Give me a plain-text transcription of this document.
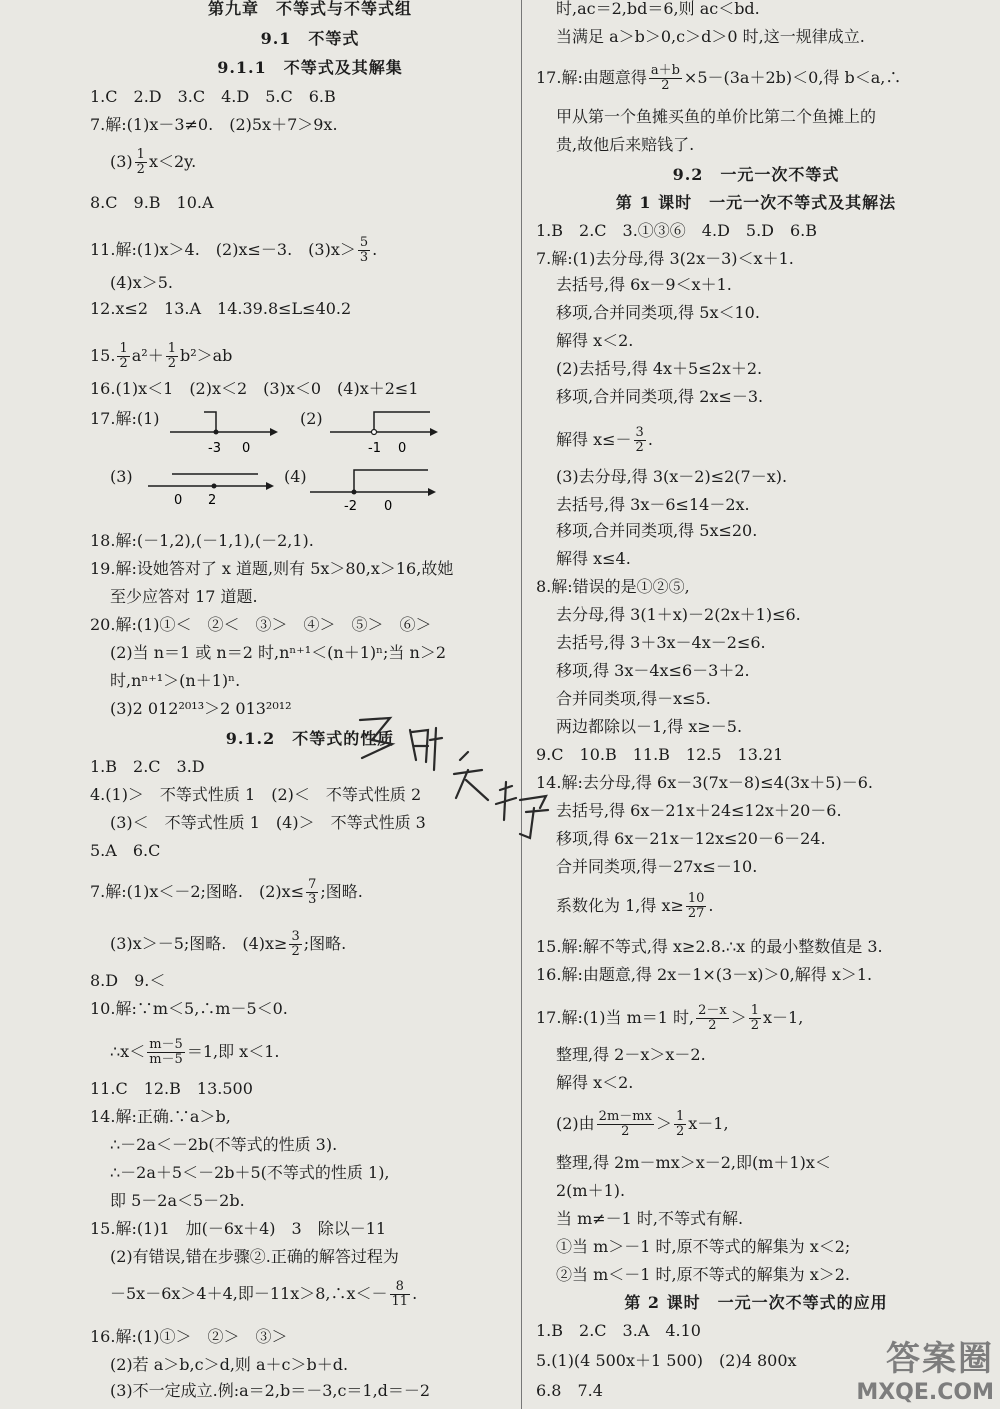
第九章　不等式与不等式组
9.1　不等式
9.1.1　不等式及其解集
1.C　2.D　3.C　4.D　5.C　6.B
7.解:(1)x－3≠0.　(2)5x＋7＞9x.
$(3) \frac{1}{2} x<2y$.
8.C　9.B　10.A
11.解:(1)x＞4.　(2)x≤－3.　$(3)x> \frac{5}{3}$ .
(4)x＞5.
12.x≤2　13.A　14.39.8≤L≤40.2
15. $\frac{1}{2} a^2+ \frac{1}{2} b^2>ab$
16.(1)x＜1　(2)x＜2　(3)x＜0　(4)x＋2≤1
17.解:(1)	(2)
-3 0	-1 0
(3)	(4)
0 2	-2 0
18.解:(－1,2),(－1,1),(－2,1).
19.解:设她答对了 x 道题,则有 5x＞80,x＞16,故她
至少应答对 17 道题.
20.解:(1)①＜　②＜　③＞　④＞　⑤＞　⑥＞
(2)当 n＝1 或 n＝2 时,nⁿ⁺¹＜(n＋1)ⁿ;当 n＞2
时,nⁿ⁺¹＞(n＋1)ⁿ.
(3)2 012²⁰¹³＞2 013²⁰¹²
9.1.2　不等式的性质
1.B　2.C　3.D
4.(1)＞　不等式性质 1　(2)＜　不等式性质 2
(3)＜　不等式性质 1　(4)＞　不等式性质 3
5.A　6.C
7.解:(1)x＜－2;图略.　$(2)x\le \frac{7}{3}$ ;图略.
(3)x＞－5;图略.　$(4)x\ge \frac{3}{2}$ ;图略.
8.D　9.＜
10.解:∵m＜5,∴m－5＜0.
∴x＜ $\frac{m-5}{m-5} =1$,即 x＜1.
11.C　12.B　13.500
14.解:正确.∵a＞b,
∴－2a＜－2b(不等式的性质 3).
∴－2a＋5＜－2b＋5(不等式的性质 1),
即 5－2a＜5－2b.
15.解:(1)1　加(－6x＋4)　3　除以－11
(2)有错误,错在步骤②.正确的解答过程为
－5x－6x＞4＋4,即－11x＞8,∴x＜－ $\frac{8}{11}$ .
16.解:(1)①＞　②＞　③＞
(2)若 a＞b,c＞d,则 a＋c＞b＋d.
(3)不一定成立.例:a＝2,b＝－3,c＝1,d＝－2
时,ac＝2,bd＝6,则 ac＜bd.
当满足 a＞b＞0,c＞d＞0 时,这一规律成立.
17.解:由题意得 $\frac{a+b}{2} \times 5-(3a+2b)<0$,得 b＜a,∴
甲从第一个鱼摊买鱼的单价比第二个鱼摊上的
贵,故他后来赔钱了.
9.2　一元一次不等式
第 1 课时　一元一次不等式及其解法
1.B　2.C　3.①③⑥　4.D　5.D　6.B
7.解:(1)去分母,得 3(2x－3)＜x＋1.
去括号,得 6x－9＜x＋1.
移项,合并同类项,得 5x＜10.
解得 x＜2.
(2)去括号,得 4x＋5≤2x＋2.
移项,合并同类项,得 2x≤－3.
解得 $x\le- \frac{3}{2}$ .
(3)去分母,得 3(x－2)≤2(7－x).
去括号,得 3x－6≤14－2x.
移项,合并同类项,得 5x≤20.
解得 x≤4.
8.解:错误的是①②⑤,
去分母,得 3(1＋x)－2(2x＋1)≤6.
去括号,得 3＋3x－4x－2≤6.
移项,得 3x－4x≤6－3＋2.
合并同类项,得－x≤5.
两边都除以－1,得 x≥－5.
9.C　10.B　11.B　12.5　13.21
14.解:去分母,得 6x－3(7x－8)≤4(3x＋5)－6.
去括号,得 6x－21x＋24≤12x＋20－6.
移项,得 6x－21x－12x≤20－6－24.
合并同类项,得－27x≤－10.
系数化为 1,得 $x\ge \frac{10}{27}$ .
15.解:解不等式,得 x≥2.8.∴x 的最小整数值是 3.
16.解:由题意,得 2x－1×(3－x)＞0,解得 x＞1.
17.解:(1)当 m＝1 时, $\frac{2-x}{2} > \frac{1}{2} x-1$,
整理,得 2－x＞x－2.
解得 x＜2.
(2)由 $\frac{2m-mx}{2} > \frac{1}{2} x-1$,
整理,得 2m－mx＞x－2,即(m＋1)x＜
2(m＋1).
当 m≠－1 时,不等式有解.
①当 m＞－1 时,原不等式的解集为 x＜2;
②当 m＜－1 时,原不等式的解集为 x＞2.
第 2 课时　一元一次不等式的应用
1.B　2.C　3.A　4.10
5.(1)(4 500x＋1 500)　(2)4 800x
6.8　7.4
答案圈
MXQE.COM
